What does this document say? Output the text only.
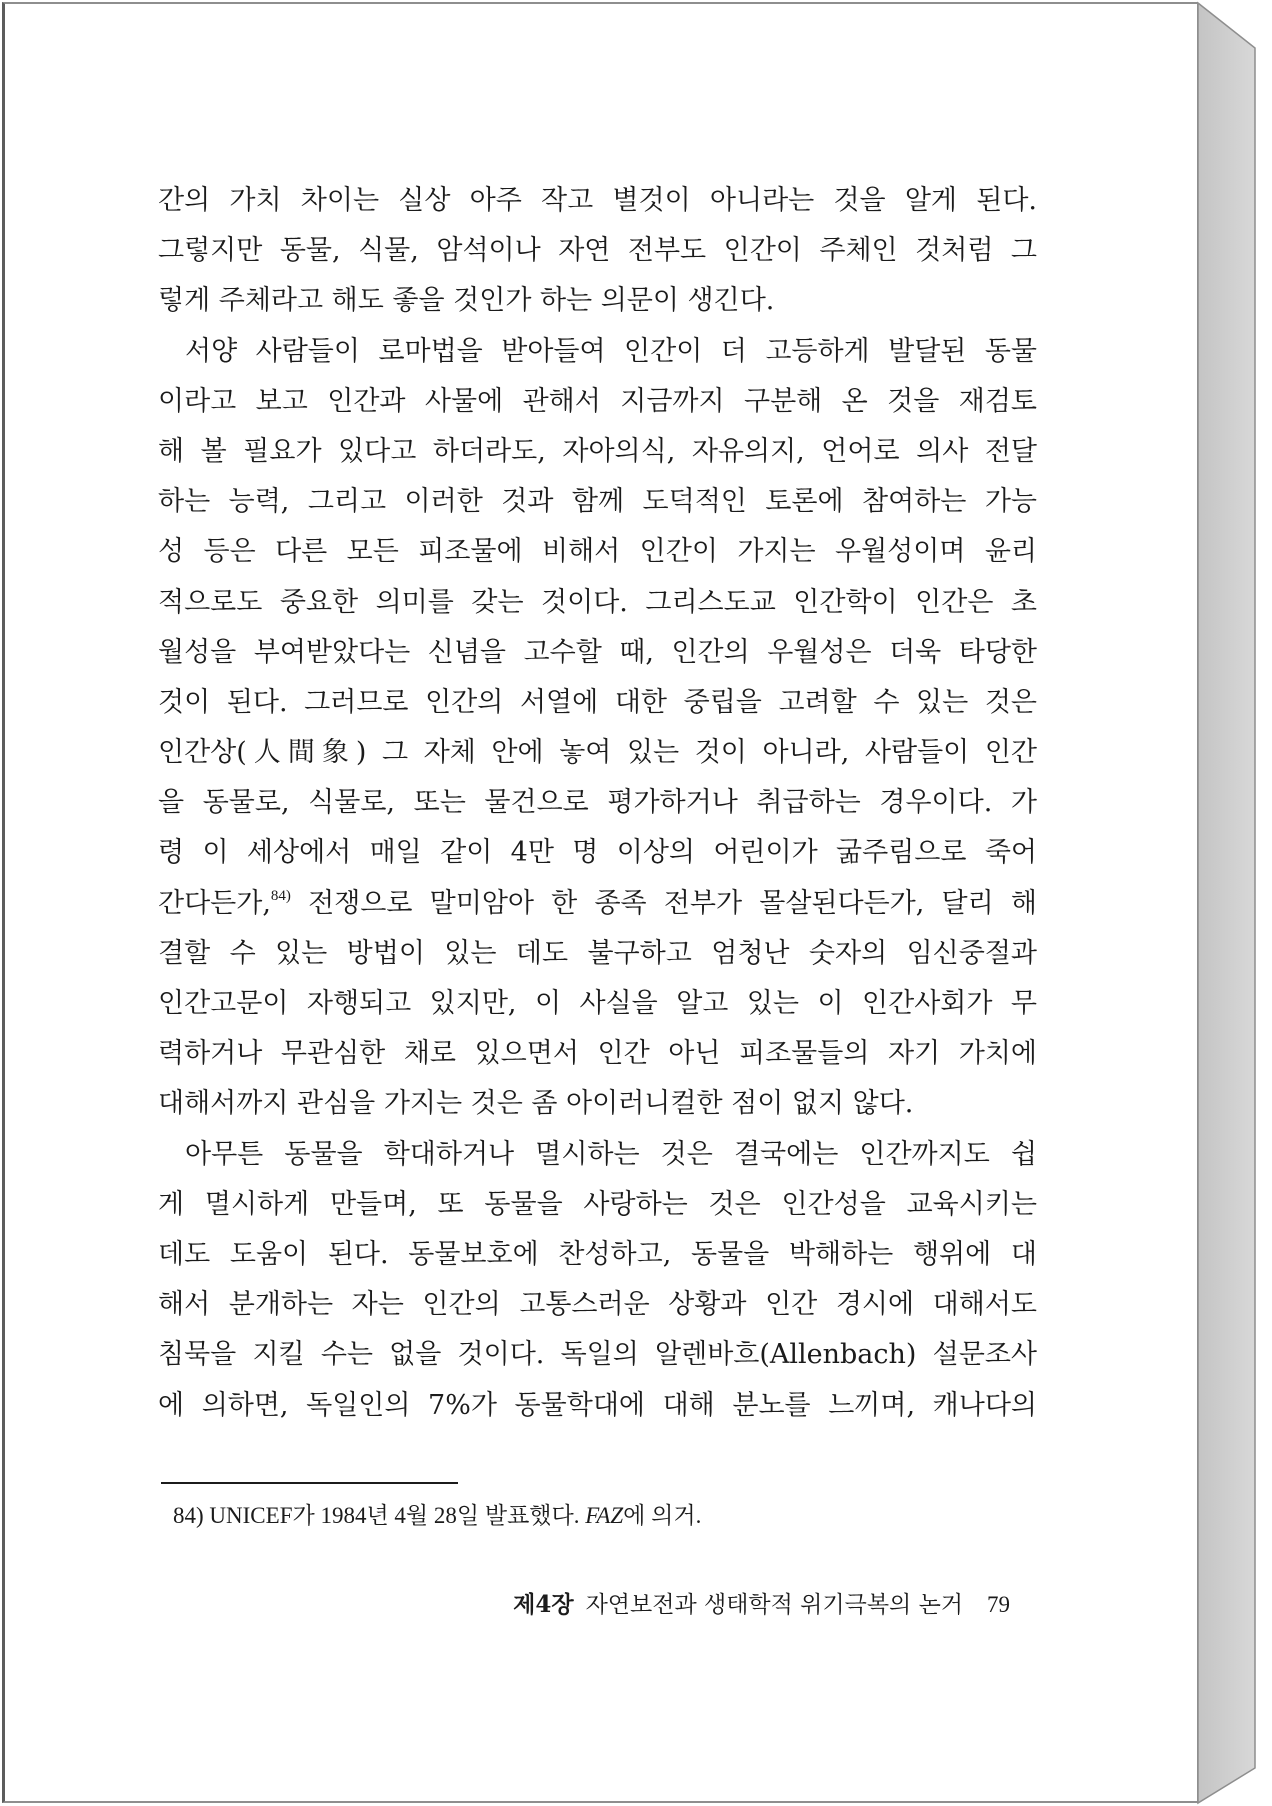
간의 가치 차이는 실상 아주 작고 별것이 아니라는 것을 알게 된다.
그렇지만 동물, 식물, 암석이나 자연 전부도 인간이 주체인 것처럼 그
렇게 주체라고 해도 좋을 것인가 하는 의문이 생긴다.
서양 사람들이 로마법을 받아들여 인간이 더 고등하게 발달된 동물
이라고 보고 인간과 사물에 관해서 지금까지 구분해 온 것을 재검토
해 볼 필요가 있다고 하더라도, 자아의식, 자유의지, 언어로 의사 전달
하는 능력, 그리고 이러한 것과 함께 도덕적인 토론에 참여하는 가능
성 등은 다른 모든 피조물에 비해서 인간이 가지는 우월성이며 윤리
적으로도 중요한 의미를 갖는 것이다. 그리스도교 인간학이 인간은 초
월성을 부여받았다는 신념을 고수할 때, 인간의 우월성은 더욱 타당한
것이 된다. 그러므로 인간의 서열에 대한 중립을 고려할 수 있는 것은
인간상(人間象) 그 자체 안에 놓여 있는 것이 아니라, 사람들이 인간
을 동물로, 식물로, 또는 물건으로 평가하거나 취급하는 경우이다. 가
령 이 세상에서 매일 같이 4만 명 이상의 어린이가 굶주림으로 죽어
간다든가,$^{84)}$ 전쟁으로 말미암아 한 종족 전부가 몰살된다든가, 달리 해
결할 수 있는 방법이 있는 데도 불구하고 엄청난 숫자의 임신중절과
인간고문이 자행되고 있지만, 이 사실을 알고 있는 이 인간사회가 무
력하거나 무관심한 채로 있으면서 인간 아닌 피조물들의 자기 가치에
대해서까지 관심을 가지는 것은 좀 아이러니컬한 점이 없지 않다.
아무튼 동물을 학대하거나 멸시하는 것은 결국에는 인간까지도 쉽
게 멸시하게 만들며, 또 동물을 사랑하는 것은 인간성을 교육시키는
데도 도움이 된다. 동물보호에 찬성하고, 동물을 박해하는 행위에 대
해서 분개하는 자는 인간의 고통스러운 상황과 인간 경시에 대해서도
침묵을 지킬 수는 없을 것이다. 독일의 알렌바흐(Allenbach) 설문조사
에 의하면, 독일인의 7%가 동물학대에 대해 분노를 느끼며, 캐나다의
84) UNICEF가 1984년 4월 28일 발표했다. FAZ에 의거.
제4장 자연보전과 생태학적 위기극복의 논거 79
